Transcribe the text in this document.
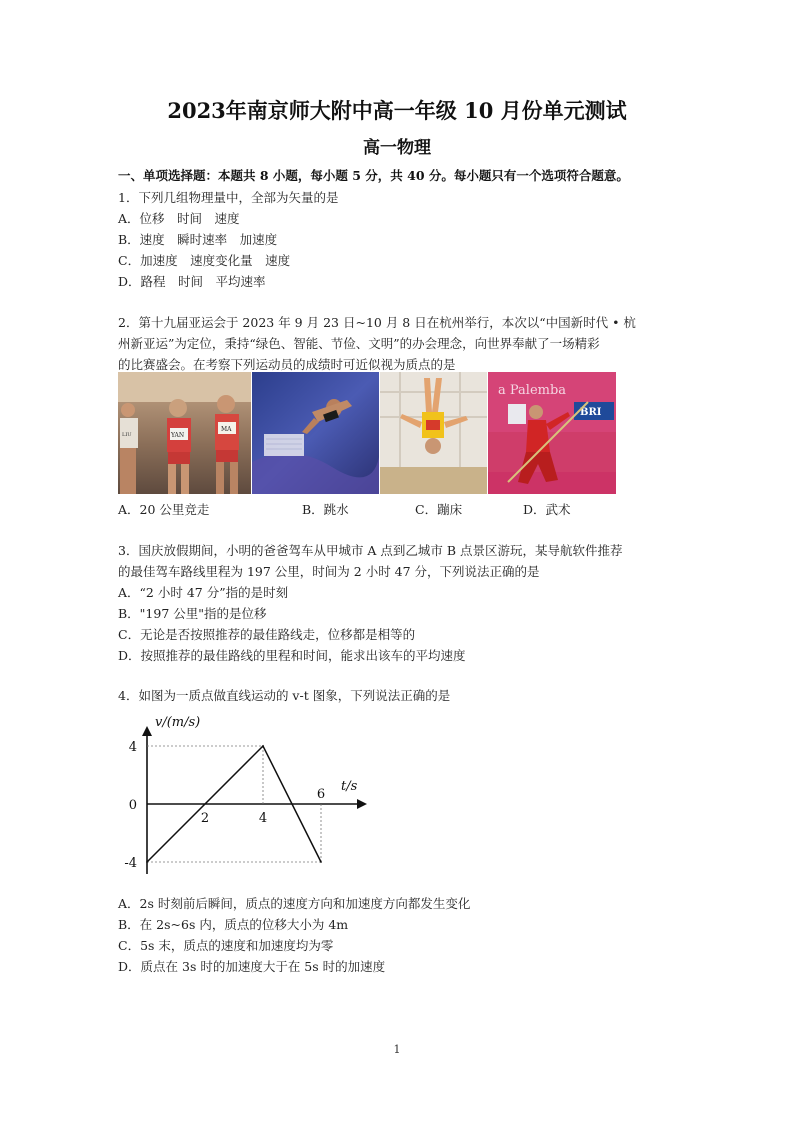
2023年南京师大附中高一年级 10 月份单元测试
高一物理
一、单项选择题：本题共 8 小题，每小题 5 分，共 40 分。每小题只有一个选项符合题意。
1．下列几组物理量中，全部为矢量的是
A．位移　时间　速度
B．速度　瞬时速率　加速度
C．加速度　速度变化量　速度
D．路程　时间　平均速率
2．第十九届亚运会于 2023 年 9 月 23 日~10 月 8 日在杭州举行，本次以“中国新时代 • 杭
州新亚运”为定位，秉持“绿色、智能、节俭、文明”的办会理念，向世界奉献了一场精彩
的比赛盛会。在考察下列运动员的成绩时可近似视为质点的是
YAN
MA
LIU
a Palemba
BRI
A．20 公里竞走	B．跳水	C．蹦床	D．武术
3．国庆放假期间，小明的爸爸驾车从甲城市 A 点到乙城市 B 点景区游玩，某导航软件推荐
的最佳驾车路线里程为 197 公里，时间为 2 小时 47 分，下列说法正确的是
A．“2 小时 47 分”指的是时刻
B．"197 公里"指的是位移
C．无论是否按照推荐的最佳路线走，位移都是相等的
D．按照推荐的最佳路线的里程和时间，能求出该车的平均速度
4．如图为一质点做直线运动的 v-t 图象，下列说法正确的是
4
0
-4
2	4
6
v/(m/s)
t/s
A．2s 时刻前后瞬间，质点的速度方向和加速度方向都发生变化
B．在 2s~6s 内，质点的位移大小为 4m
C．5s 末，质点的速度和加速度均为零
D．质点在 3s 时的加速度大于在 5s 时的加速度
1
